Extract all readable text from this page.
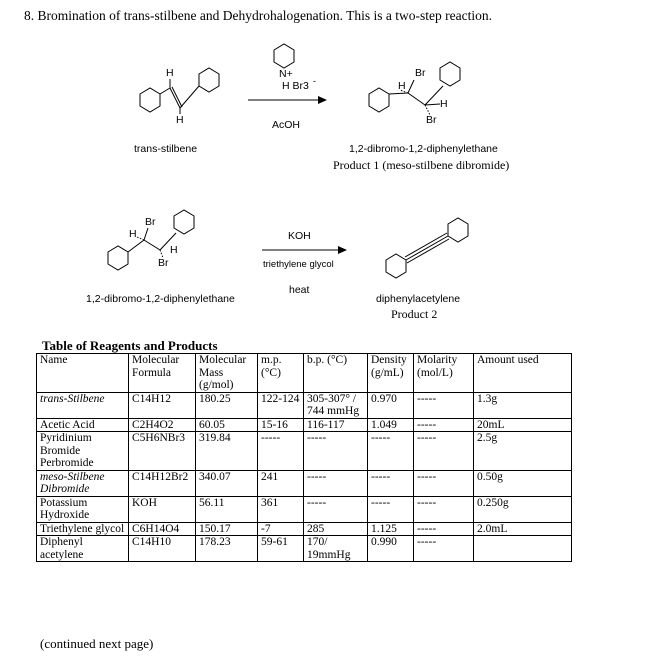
8. Bromination of trans-stilbene and Dehydrohalogenation. This is a two-step reaction.
H
H
trans-stilbene
N+
H Br3 -
AcOH
Br
H
H
Br
1,2-dibromo-1,2-diphenylethane
Product 1 (meso-stilbene dibromide)
Br
H
H
Br
1,2-dibromo-1,2-diphenylethane
KOH
triethylene glycol
heat
diphenylacetylene
Product 2
Table of Reagents and Products
Name	Molecular Formula	Molecular Mass (g/mol)	m.p. (°C)	b.p. (°C)	Density (g/mL)	Molarity (mol/L)	Amount used
trans-Stilbene	C14H12	180.25	122-124	305-307° / 744 mmHg	0.970	-----	1.3g
Acetic Acid	C2H4O2	60.05	15-16	116-117	1.049	-----	20mL
Pyridinium Bromide Perbromide	C5H6NBr3	319.84	-----	-----	-----	-----	2.5g
meso-Stilbene Dibromide	C14H12Br2	340.07	241	-----	-----	-----	0.50g
Potassium Hydroxide	KOH	56.11	361	-----	-----	-----	0.250g
Triethylene glycol	C6H14O4	150.17	-7	285	1.125	-----	2.0mL
Diphenyl acetylene	C14H10	178.23	59-61	170/ 19mmHg	0.990	-----	
(continued next page)
